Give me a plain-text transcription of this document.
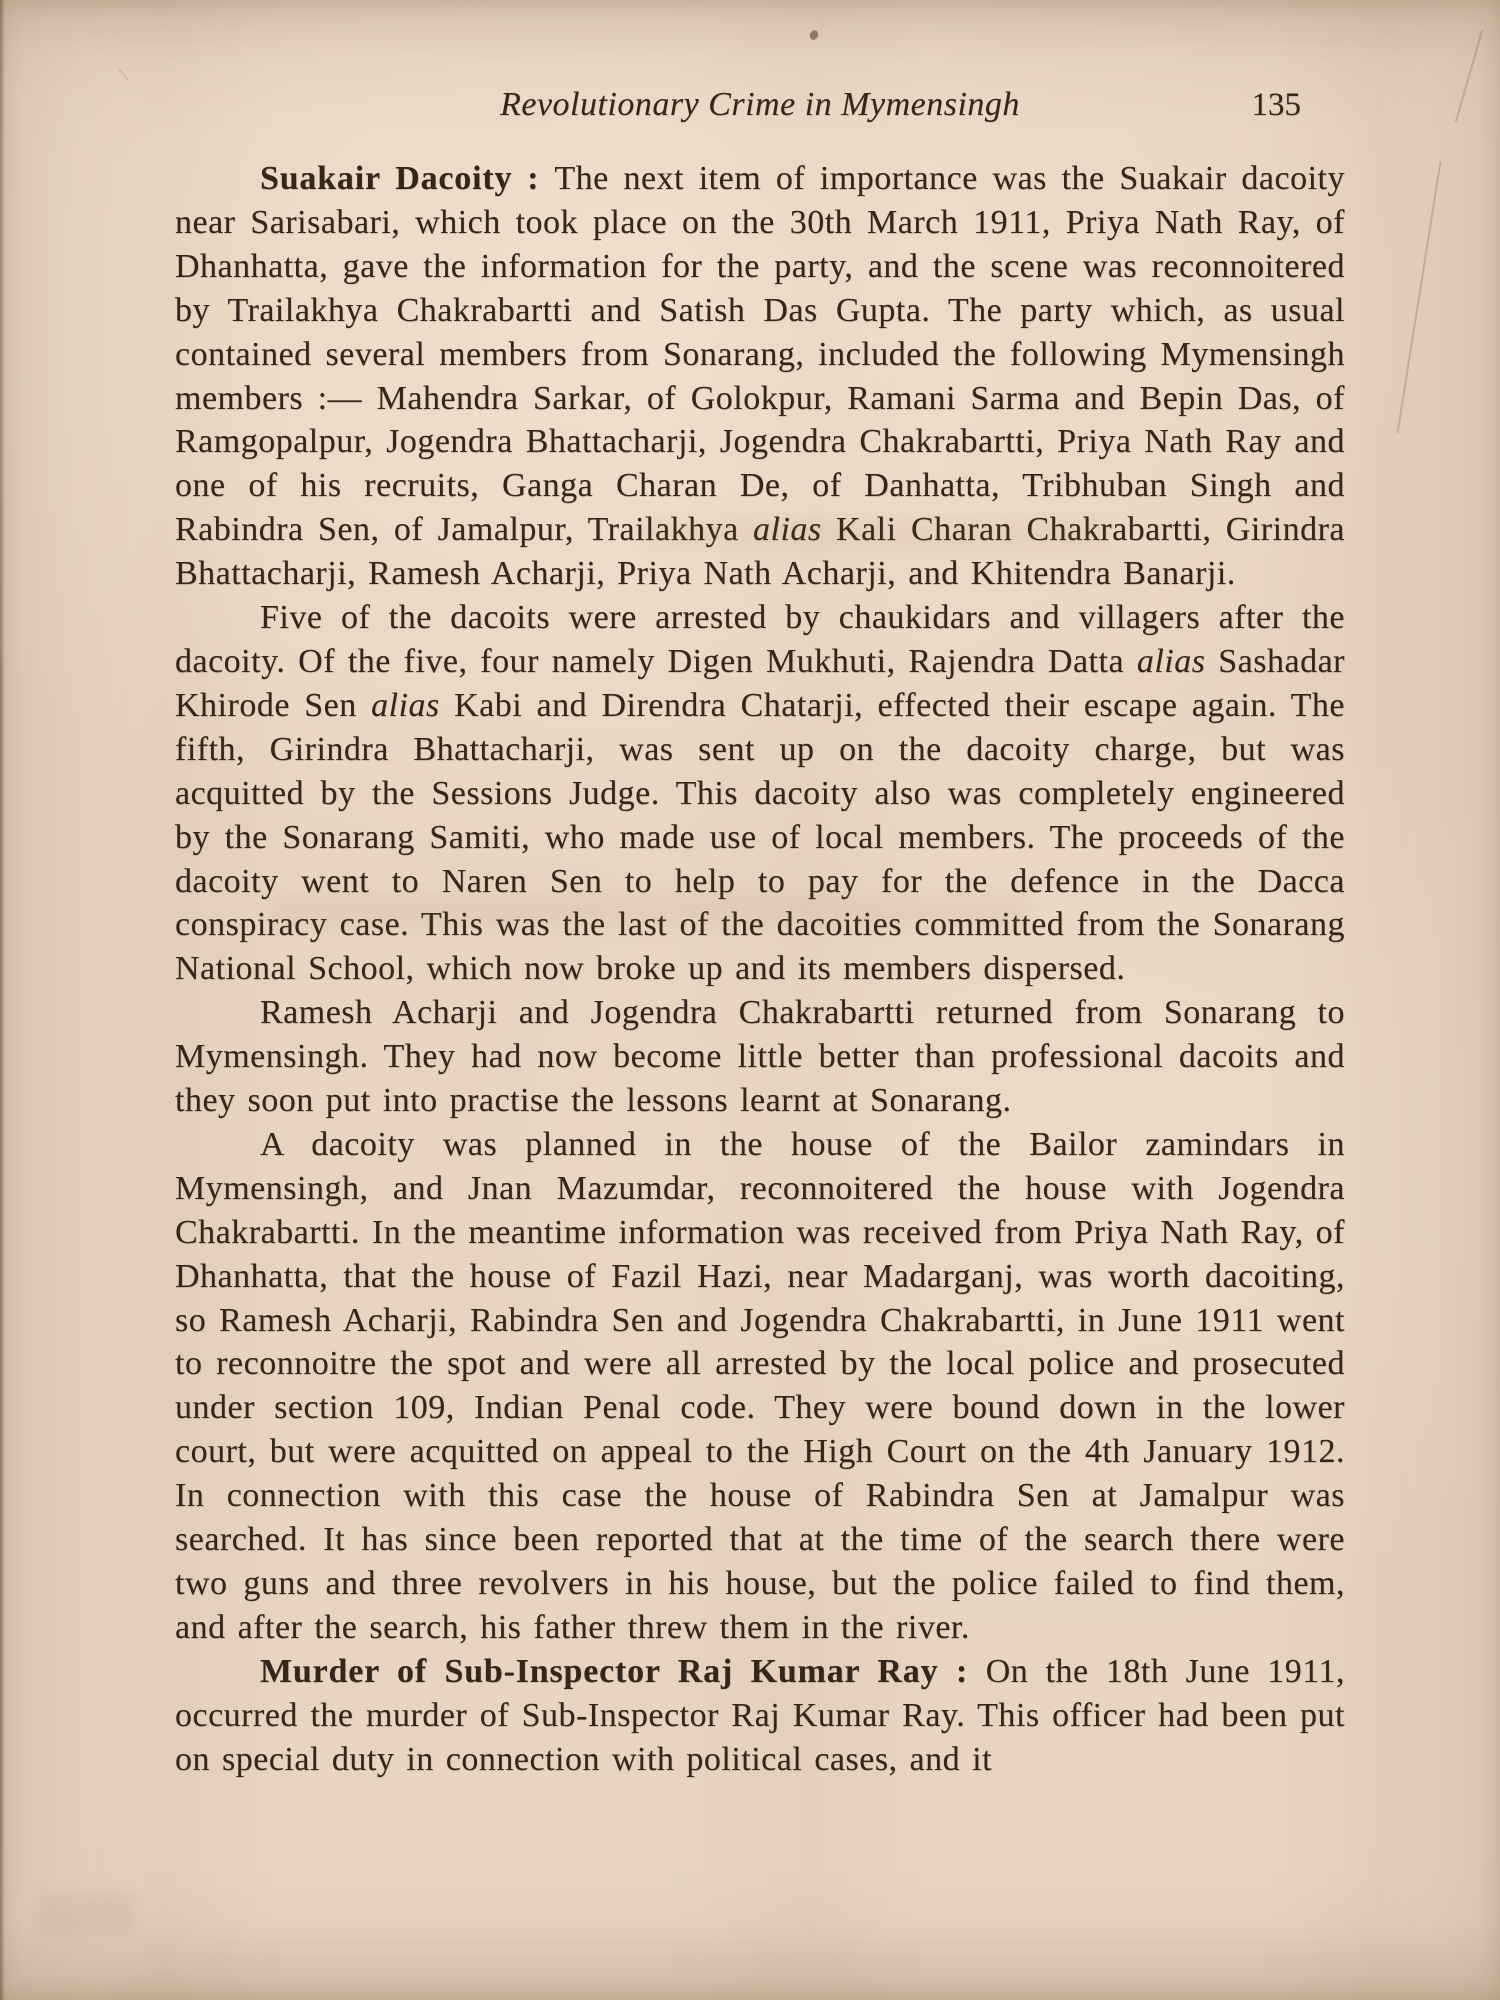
Revolutionary Crime in Mymensingh	135

Suakair Dacoity : The next item of importance was the Suakair dacoity near Sarisabari, which took place on the 30th March 1911, Priya Nath Ray, of Dhanhatta, gave the information for the party, and the scene was reconnoitered by Trailakhya Chakrabartti and Satish Das Gupta. The party which, as usual contained several members from Sonarang, included the following Mymensingh members :— Mahendra Sarkar, of Golokpur, Ramani Sarma and Bepin Das, of Ramgopalpur, Jogendra Bhattacharji, Jogendra Chakrabartti, Priya Nath Ray and one of his recruits, Ganga Charan De, of Danhatta, Tribhuban Singh and Rabindra Sen, of Jamalpur, Trailakhya alias Kali Charan Chakrabartti, Girindra Bhattacharji, Ramesh Acharji, Priya Nath Acharji, and Khitendra Banarji.

Five of the dacoits were arrested by chaukidars and villagers after the dacoity. Of the five, four namely Digen Mukhuti, Rajendra Datta alias Sashadar Khirode Sen alias Kabi and Direndra Chatarji, effected their escape again. The fifth, Girindra Bhattacharji, was sent up on the dacoity charge, but was acquitted by the Sessions Judge. This dacoity also was completely engineered by the Sonarang Samiti, who made use of local members. The proceeds of the dacoity went to Naren Sen to help to pay for the defence in the Dacca conspiracy case. This was the last of the dacoities committed from the Sonarang National School, which now broke up and its members dispersed.

Ramesh Acharji and Jogendra Chakrabartti returned from Sonarang to Mymensingh. They had now become little better than professional dacoits and they soon put into practise the lessons learnt at Sonarang.

A dacoity was planned in the house of the Bailor zamindars in Mymensingh, and Jnan Mazumdar, reconnoitered the house with Jogendra Chakrabartti. In the meantime information was received from Priya Nath Ray, of Dhanhatta, that the house of Fazil Hazi, near Madarganj, was worth dacoiting, so Ramesh Acharji, Rabindra Sen and Jogendra Chakrabartti, in June 1911 went to reconnoitre the spot and were all arrested by the local police and prosecuted under section 109, Indian Penal code. They were bound down in the lower court, but were acquitted on appeal to the High Court on the 4th January 1912. In connection with this case the house of Rabindra Sen at Jamalpur was searched. It has since been reported that at the time of the search there were two guns and three revolvers in his house, but the police failed to find them, and after the search, his father threw them in the river.

Murder of Sub-Inspector Raj Kumar Ray : On the 18th June 1911, occurred the murder of Sub-Inspector Raj Kumar Ray. This officer had been put on special duty in connection with political cases, and it
